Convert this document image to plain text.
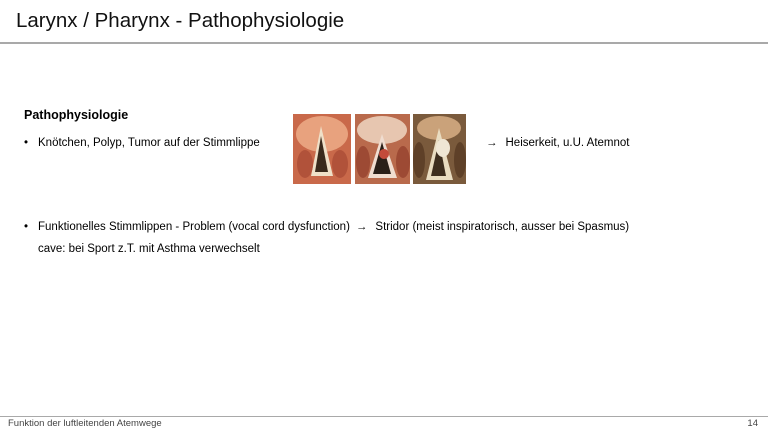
Larynx / Pharynx - Pathophysiologie
Pathophysiologie
• Knötchen, Polyp, Tumor auf der Stimmlippe	→ Heiserkeit, u.U. Atemnot
• Funktionelles Stimmlippen - Problem (vocal cord dysfunction) → Stridor (meist inspiratorisch, ausser bei Spasmus)
cave: bei Sport z.T. mit Asthma verwechselt
Funktion der luftleitenden Atemwege	14
